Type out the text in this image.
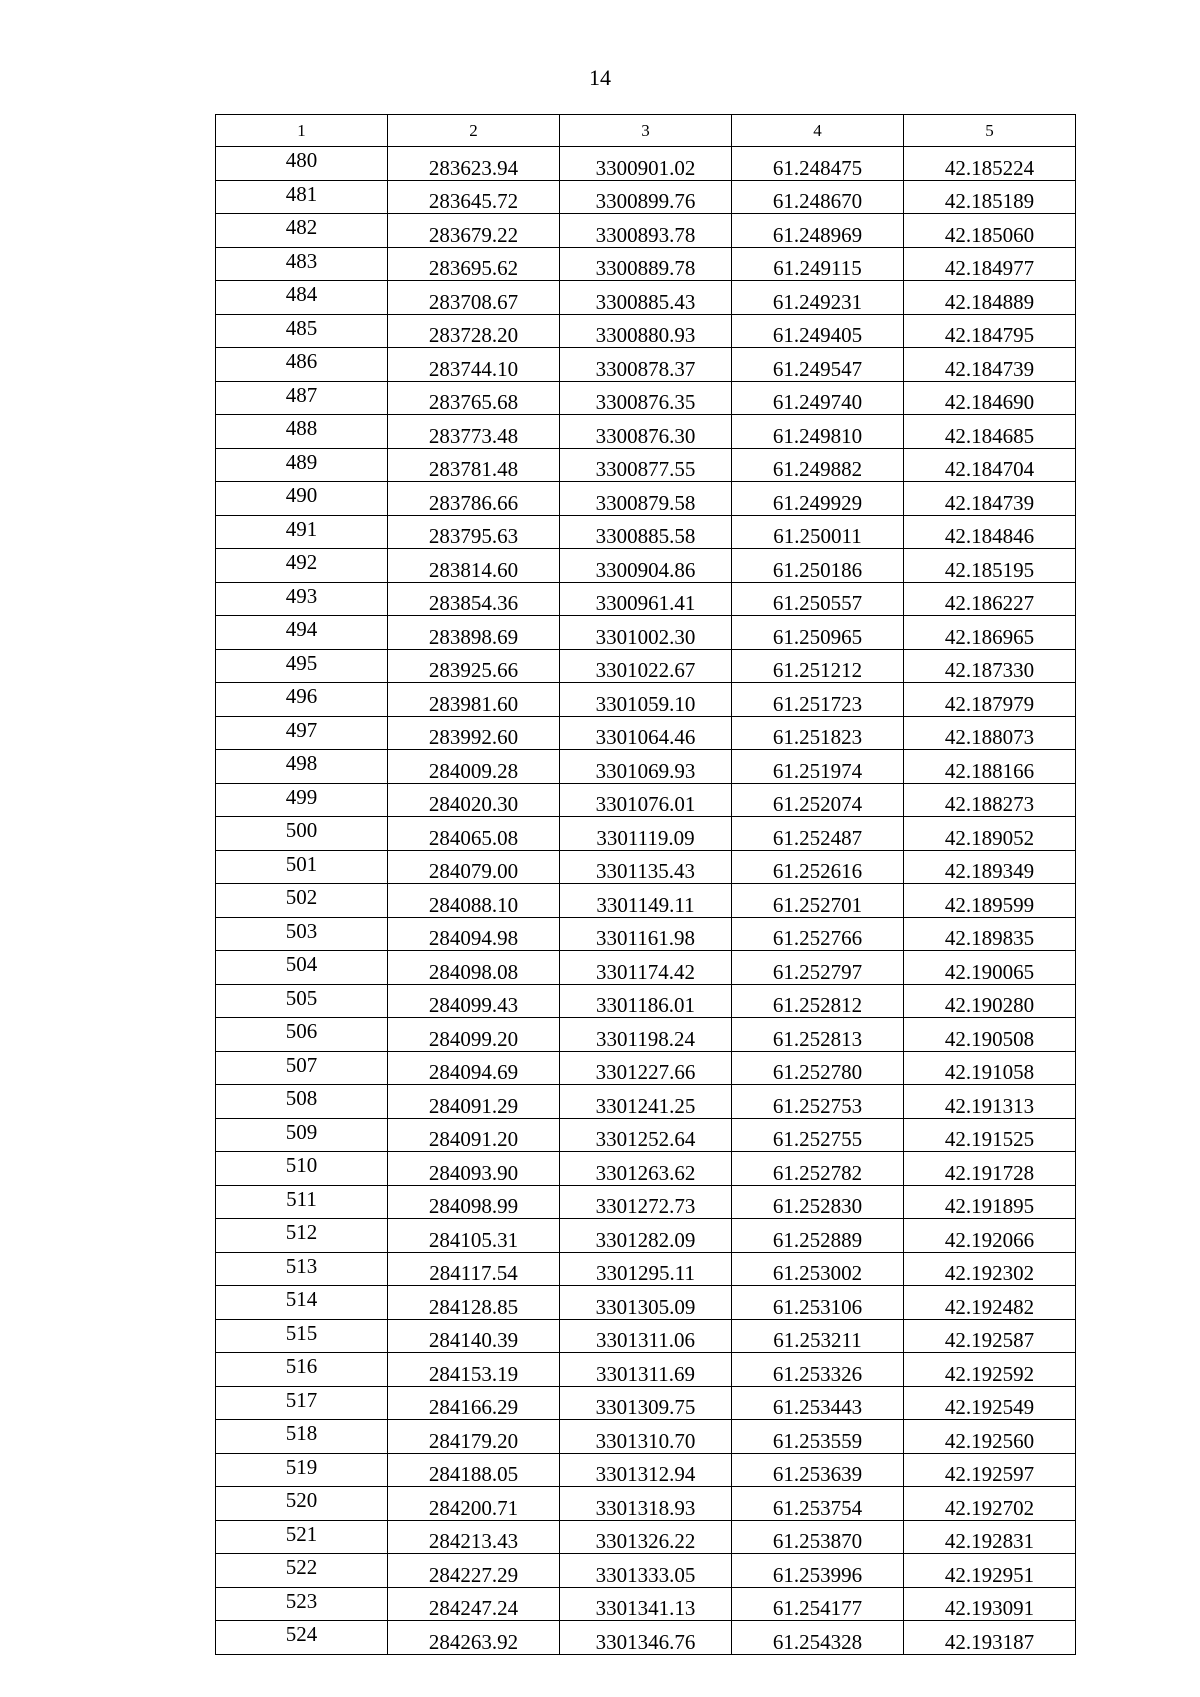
14
1	2	3	4	5
480	283623.94	3300901.02	61.248475	42.185224
481	283645.72	3300899.76	61.248670	42.185189
482	283679.22	3300893.78	61.248969	42.185060
483	283695.62	3300889.78	61.249115	42.184977
484	283708.67	3300885.43	61.249231	42.184889
485	283728.20	3300880.93	61.249405	42.184795
486	283744.10	3300878.37	61.249547	42.184739
487	283765.68	3300876.35	61.249740	42.184690
488	283773.48	3300876.30	61.249810	42.184685
489	283781.48	3300877.55	61.249882	42.184704
490	283786.66	3300879.58	61.249929	42.184739
491	283795.63	3300885.58	61.250011	42.184846
492	283814.60	3300904.86	61.250186	42.185195
493	283854.36	3300961.41	61.250557	42.186227
494	283898.69	3301002.30	61.250965	42.186965
495	283925.66	3301022.67	61.251212	42.187330
496	283981.60	3301059.10	61.251723	42.187979
497	283992.60	3301064.46	61.251823	42.188073
498	284009.28	3301069.93	61.251974	42.188166
499	284020.30	3301076.01	61.252074	42.188273
500	284065.08	3301119.09	61.252487	42.189052
501	284079.00	3301135.43	61.252616	42.189349
502	284088.10	3301149.11	61.252701	42.189599
503	284094.98	3301161.98	61.252766	42.189835
504	284098.08	3301174.42	61.252797	42.190065
505	284099.43	3301186.01	61.252812	42.190280
506	284099.20	3301198.24	61.252813	42.190508
507	284094.69	3301227.66	61.252780	42.191058
508	284091.29	3301241.25	61.252753	42.191313
509	284091.20	3301252.64	61.252755	42.191525
510	284093.90	3301263.62	61.252782	42.191728
511	284098.99	3301272.73	61.252830	42.191895
512	284105.31	3301282.09	61.252889	42.192066
513	284117.54	3301295.11	61.253002	42.192302
514	284128.85	3301305.09	61.253106	42.192482
515	284140.39	3301311.06	61.253211	42.192587
516	284153.19	3301311.69	61.253326	42.192592
517	284166.29	3301309.75	61.253443	42.192549
518	284179.20	3301310.70	61.253559	42.192560
519	284188.05	3301312.94	61.253639	42.192597
520	284200.71	3301318.93	61.253754	42.192702
521	284213.43	3301326.22	61.253870	42.192831
522	284227.29	3301333.05	61.253996	42.192951
523	284247.24	3301341.13	61.254177	42.193091
524	284263.92	3301346.76	61.254328	42.193187
